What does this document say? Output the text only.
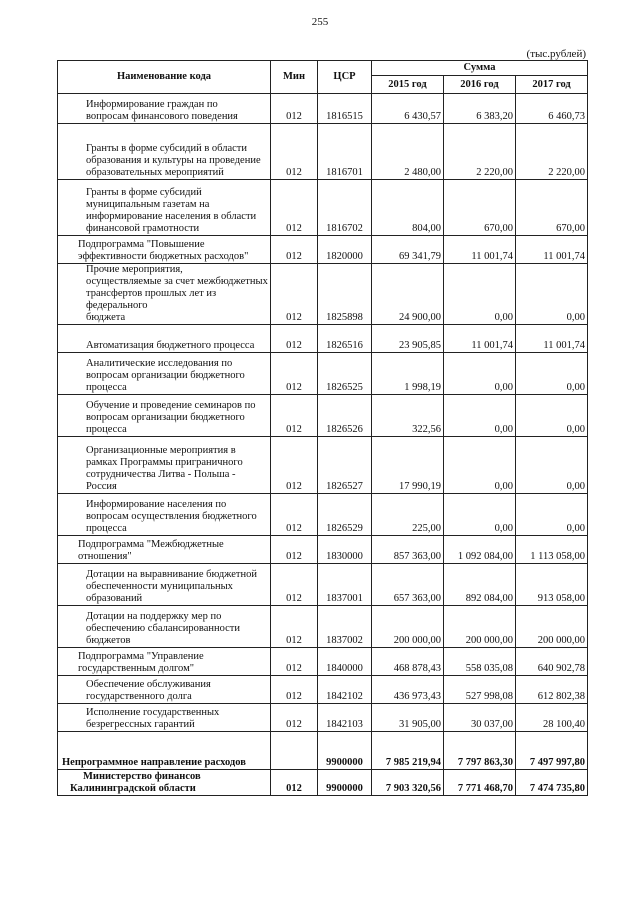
255
(тыс.рублей)
Наименование кода	Мин	ЦСР	Сумма		
			2015 год	2016 год	2017 год

Информирование граждан по
вопросам финансового поведения	012	1816515	6 430,57	6 383,20	6 460,73

Гранты в форме субсидий в области
образования и культуры на проведение
образовательных мероприятий	012	1816701	2 480,00	2 220,00	2 220,00

Гранты в форме субсидий
муниципальным газетам на
информирование населения в области
финансовой грамотности	012	1816702	804,00	670,00	670,00

Подпрограмма "Повышение
эффективности бюджетных расходов"	012	1820000	69 341,79	11 001,74	11 001,74

Прочие мероприятия,
осуществляемые за счет межбюджетных
трансфертов прошлых лет из федерального
бюджета	012	1825898	24 900,00	0,00	0,00

Автоматизация бюджетного процесса	012	1826516	23 905,85	11 001,74	11 001,74

Аналитические исследования по
вопросам организации бюджетного
процесса	012	1826525	1 998,19	0,00	0,00

Обучение и проведение семинаров по
вопросам организации бюджетного
процесса	012	1826526	322,56	0,00	0,00

Организационные мероприятия в
рамках Программы приграничного
сотрудничества Литва - Польша - Россия	012	1826527	17 990,19	0,00	0,00

Информирование населения по
вопросам осуществления бюджетного
процесса	012	1826529	225,00	0,00	0,00

Подпрограмма "Межбюджетные
отношения"	012	1830000	857 363,00	1 092 084,00	1 113 058,00

Дотации на выравнивание бюджетной
обеспеченности муниципальных
образований	012	1837001	657 363,00	892 084,00	913 058,00

Дотации на поддержку мер по
обеспечению сбалансированности
бюджетов	012	1837002	200 000,00	200 000,00	200 000,00

Подпрограмма "Управление
государственным долгом"	012	1840000	468 878,43	558 035,08	640 902,78

Обеспечение обслуживания
государственного долга	012	1842102	436 973,43	527 998,08	612 802,38

Исполнение государственных
безрегрессных гарантий	012	1842103	31 905,00	30 037,00	28 100,40

Непрограммное направление расходов		9900000	7 985 219,94	7 797 863,30	7 497 997,80

Министерство финансов
Калининградской области	012	9900000	7 903 320,56	7 771 468,70	7 474 735,80
